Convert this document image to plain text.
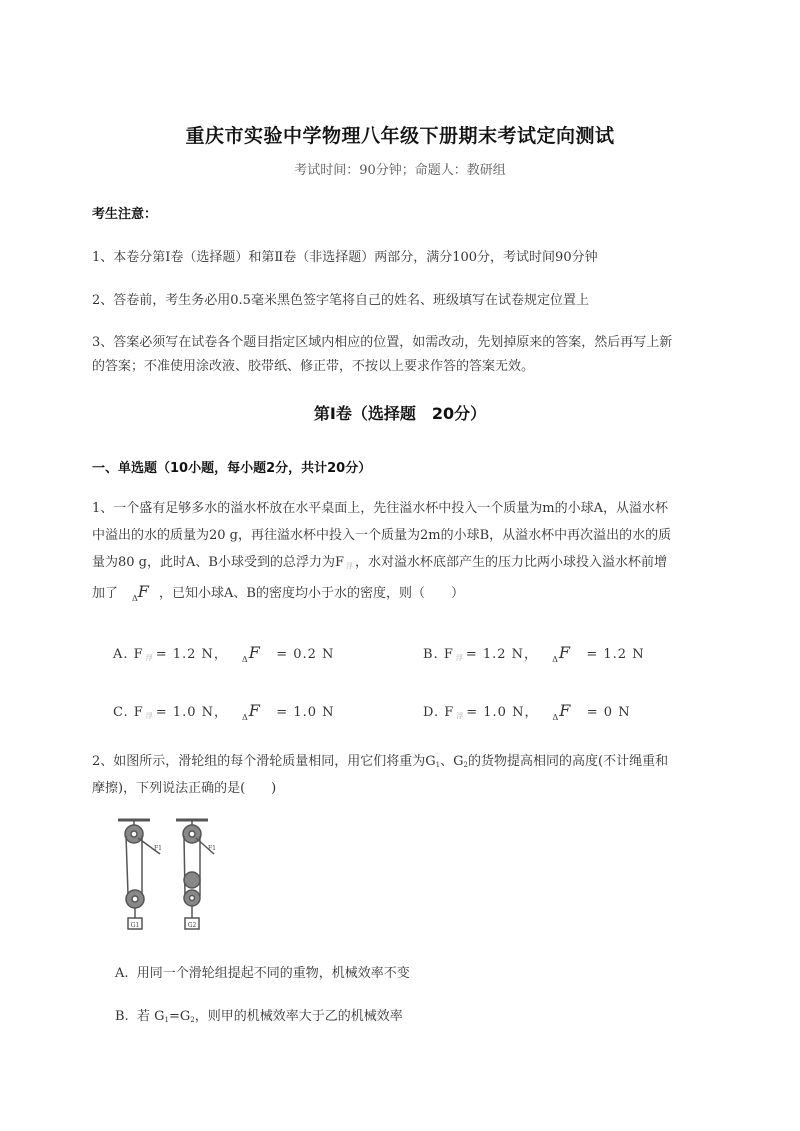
重庆市实验中学物理八年级下册期末考试定向测试
考试时间：90分钟；命题人：教研组
考生注意：
1、本卷分第Ⅰ卷（选择题）和第Ⅱ卷（非选择题）两部分，满分100分，考试时间90分钟
2、答卷前，考生务必用0.5毫米黑色签字笔将自己的姓名、班级填写在试卷规定位置上
3、答案必须写在试卷各个题目指定区域内相应的位置，如需改动，先划掉原来的答案，然后再写上新
的答案；不准使用涂改液、胶带纸、修正带，不按以上要求作答的答案无效。
第Ⅰ卷（选择题　20分）
一、单选题（10小题，每小题2分，共计20分）
1、一个盛有足够多水的溢水杯放在水平桌面上，先往溢水杯中投入一个质量为m的小球A，从溢水杯
中溢出的水的质量为20 g，再往溢水杯中投入一个质量为2m的小球B，从溢水杯中再次溢出的水的质
量为80 g，此时A、B小球受到的总浮力为F $_浮$ ，水对溢水杯底部产生的压力比两小球投入溢水杯前增
加了 $_\Delta$F ，已知小球A、B的密度均小于水的密度，则（　　）
A. F $_浮$ = 1.2 N， $_\Delta$F = 0.2 N	B. F $_浮$ = 1.2 N， $_\Delta$F = 1.2 N
C. F $_浮$ = 1.0 N， $_\Delta$F = 1.0 N	D. F $_浮$ = 1.0 N， $_\Delta$F = 0 N
2、如图所示，滑轮组的每个滑轮质量相同，用它们将重为G1、G2的货物提高相同的高度(不计绳重和
摩擦)，下列说法正确的是(　　)
G1	G2
F1	F1
A. 用同一个滑轮组提起不同的重物，机械效率不变
B. 若 G1=G2，则甲的机械效率大于乙的机械效率
